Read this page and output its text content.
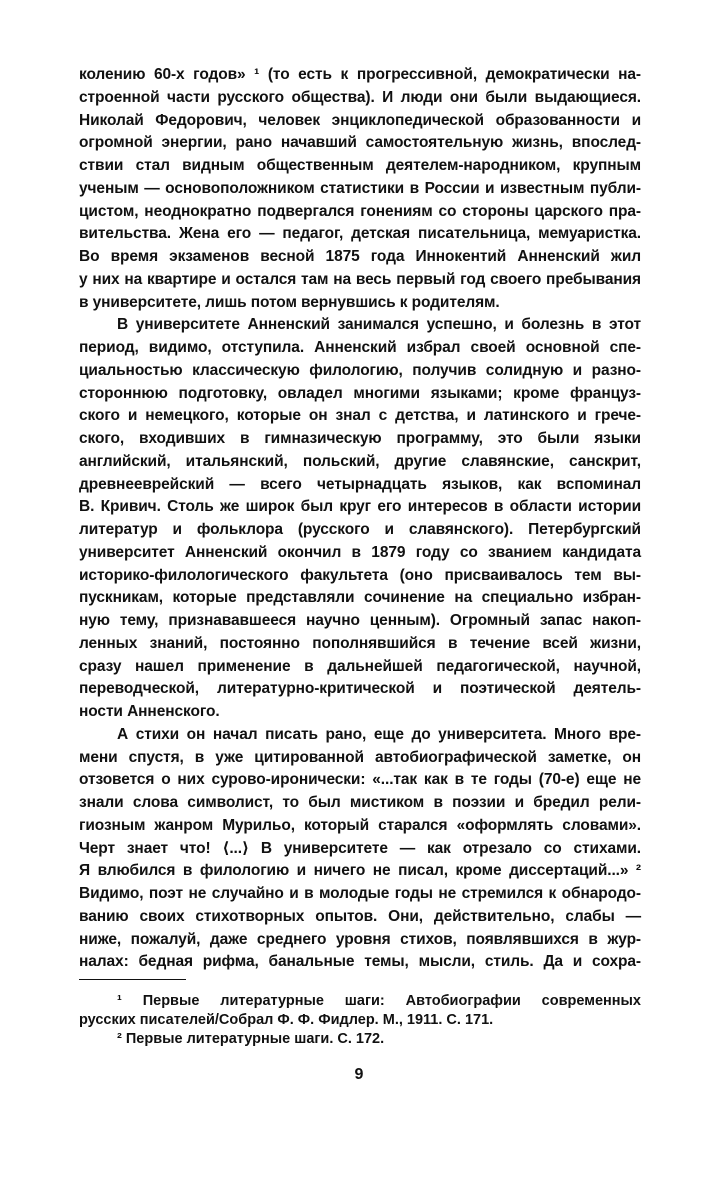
колению 60-х годов» ¹ (то есть к прогрессивной, демократически на-
строенной части русского общества). И люди они были выдающиеся.
Николай Федорович, человек энциклопедической образованности и
огромной энергии, рано начавший самостоятельную жизнь, впослед-
ствии стал видным общественным деятелем-народником, крупным
ученым — основоположником статистики в России и известным публи-
цистом, неоднократно подвергался гонениям со стороны царского пра-
вительства. Жена его — педагог, детская писательница, мемуаристка.
Во время экзаменов весной 1875 года Иннокентий Анненский жил
у них на квартире и остался там на весь первый год своего пребывания
в университете, лишь потом вернувшись к родителям.
В университете Анненский занимался успешно, и болезнь в этот
период, видимо, отступила. Анненский избрал своей основной спе-
циальностью классическую филологию, получив солидную и разно-
стороннюю подготовку, овладел многими языками; кроме француз-
ского и немецкого, которые он знал с детства, и латинского и грече-
ского, входивших в гимназическую программу, это были языки
английский, итальянский, польский, другие славянские, санскрит,
древнееврейский — всего четырнадцать языков, как вспоминал
В. Кривич. Столь же широк был круг его интересов в области истории
литератур и фольклора (русского и славянского). Петербургский
университет Анненский окончил в 1879 году со званием кандидата
историко-филологического факультета (оно присваивалось тем вы-
пускникам, которые представляли сочинение на специально избран-
ную тему, признававшееся научно ценным). Огромный запас накоп-
ленных знаний, постоянно пополнявшийся в течение всей жизни,
сразу нашел применение в дальнейшей педагогической, научной,
переводческой, литературно-критической и поэтической деятель-
ности Анненского.
А стихи он начал писать рано, еще до университета. Много вре-
мени спустя, в уже цитированной автобиографической заметке, он
отзовется о них сурово-иронически: «...так как в те годы (70-е) еще не
знали слова символист, то был мистиком в поэзии и бредил рели-
гиозным жанром Мурильо, который старался «оформлять словами».
Черт знает что! ⟨...⟩ В университете — как отрезало со стихами.
Я влюбился в филологию и ничего не писал, кроме диссертаций...» ²
Видимо, поэт не случайно и в молодые годы не стремился к обнародо-
ванию своих стихотворных опытов. Они, действительно, слабы —
ниже, пожалуй, даже среднего уровня стихов, появлявшихся в жур-
налах: бедная рифма, банальные темы, мысли, стиль. Да и сохра-
¹ Первые литературные шаги: Автобиографии современных
русских писателей/Собрал Ф. Ф. Фидлер. М., 1911. С. 171.
² Первые литературные шаги. С. 172.
9
